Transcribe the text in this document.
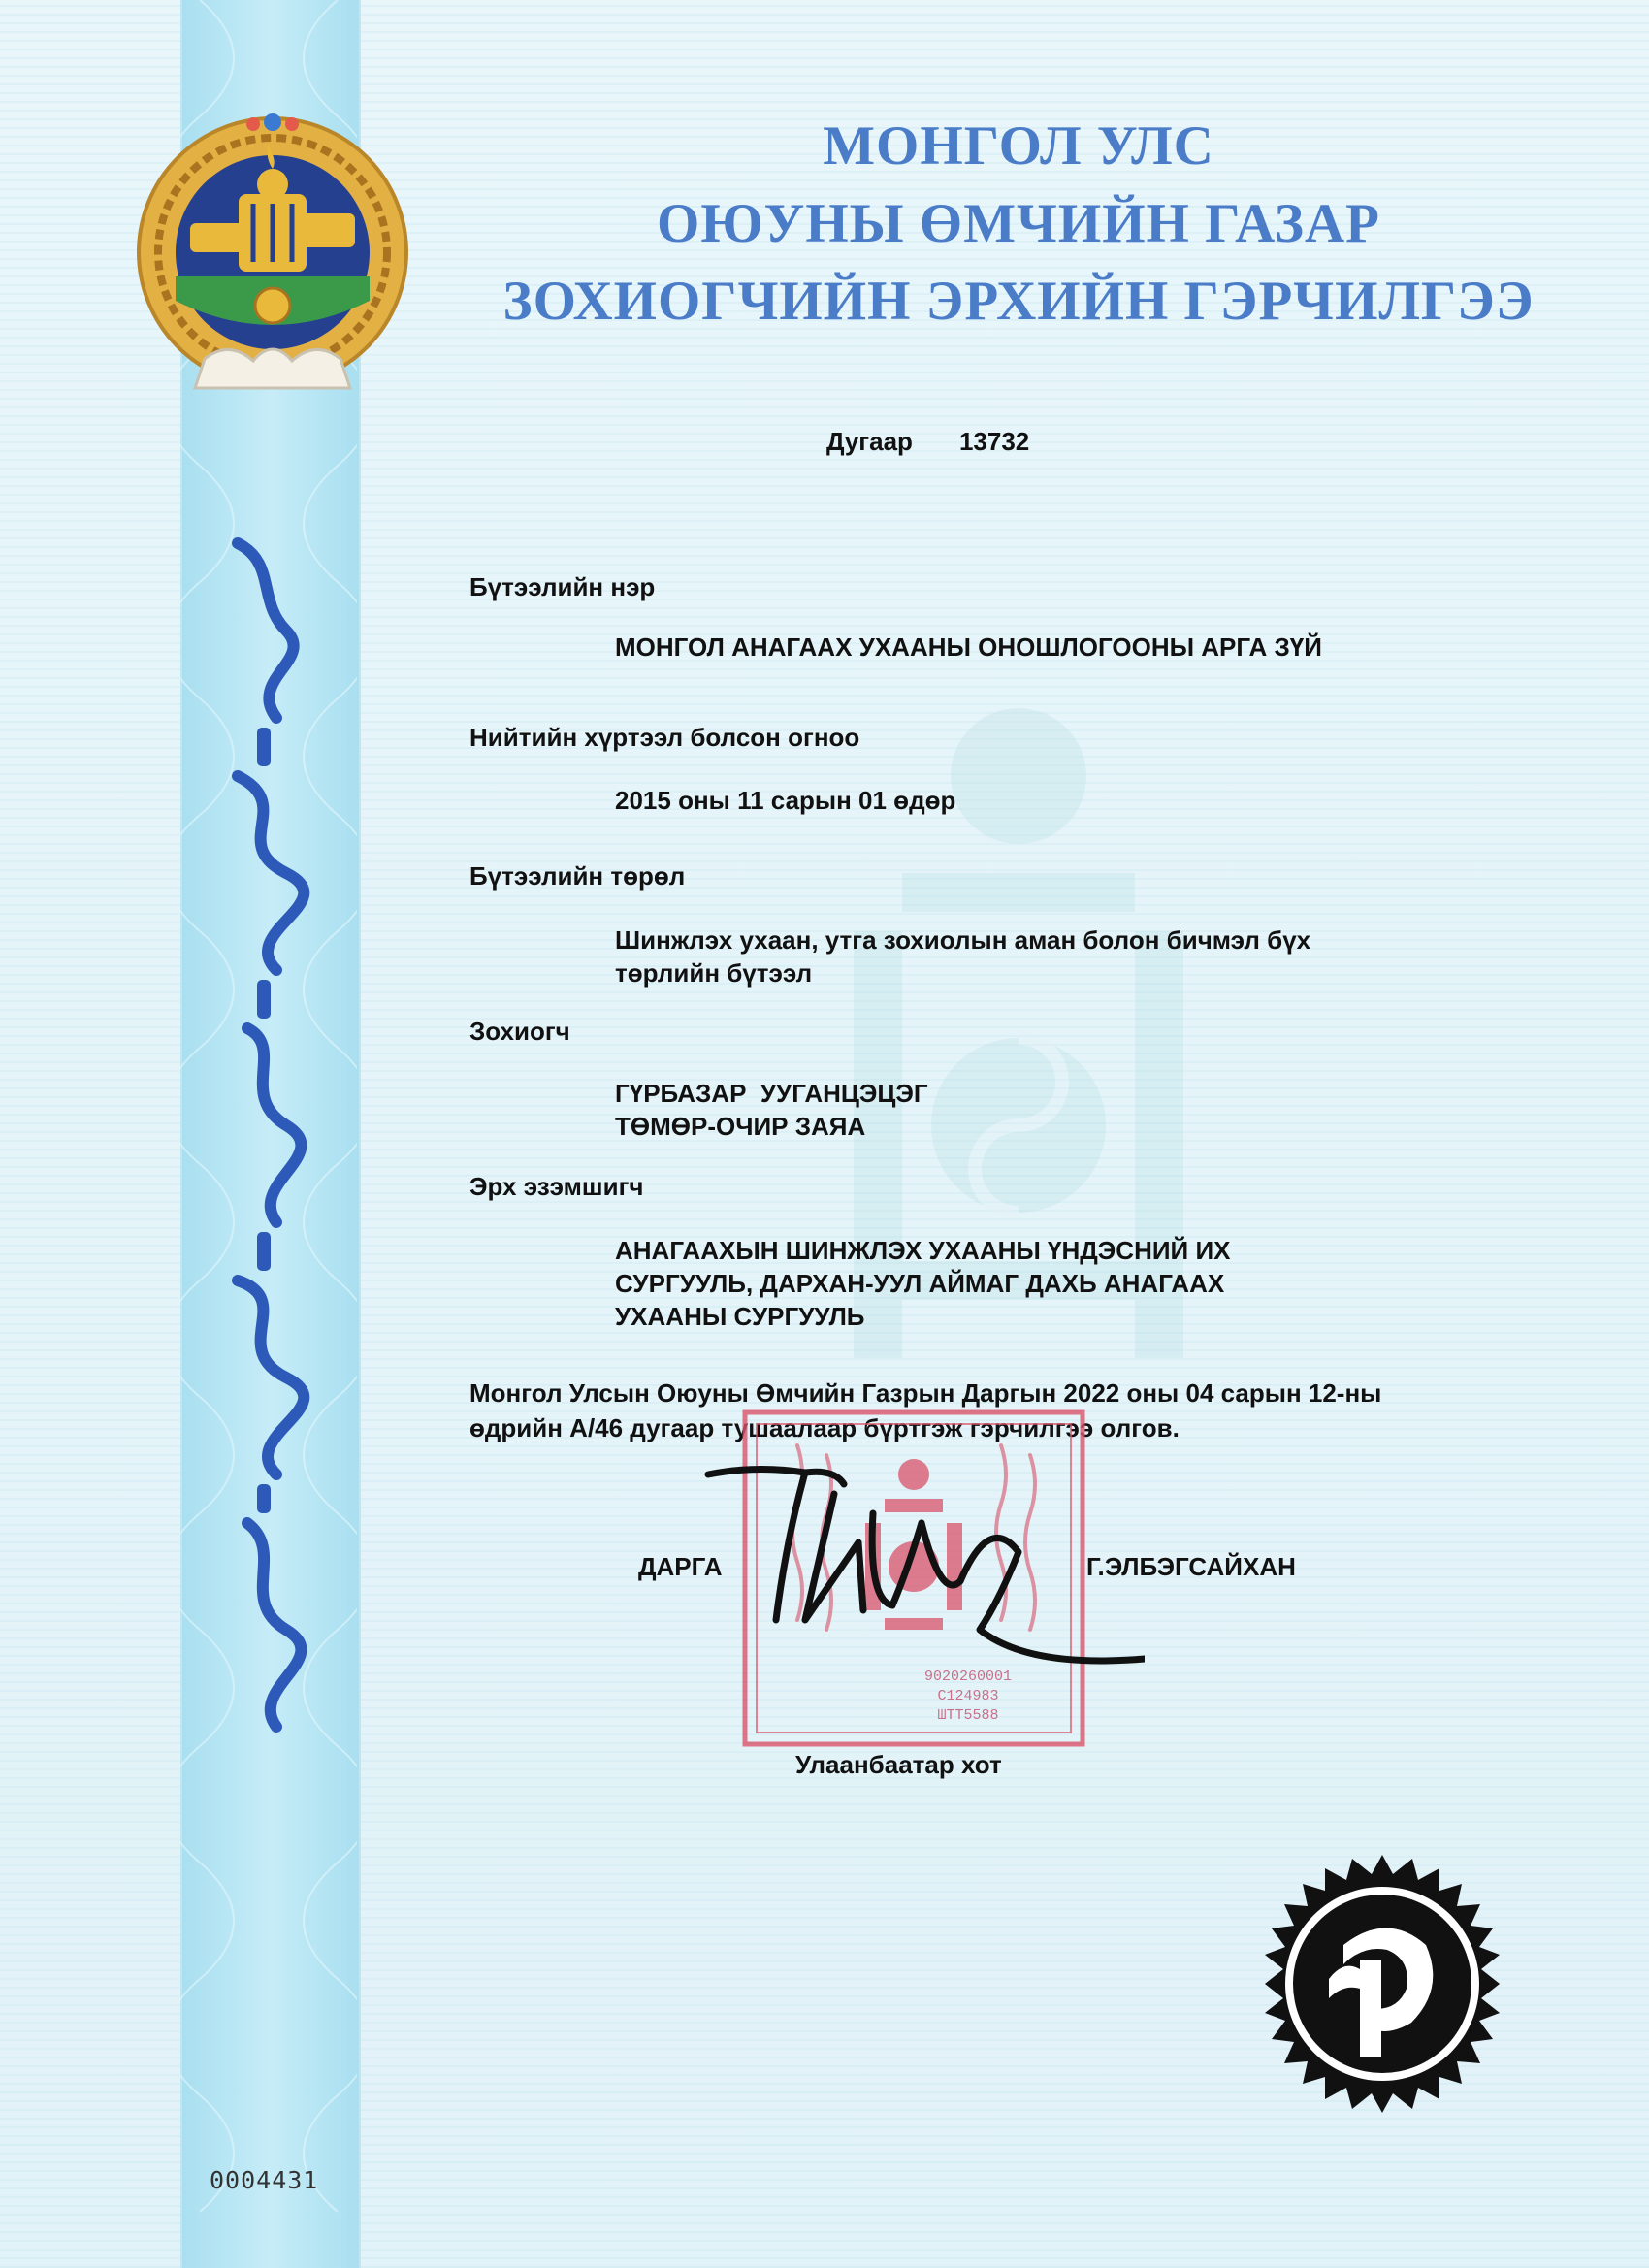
МОНГОЛ УЛС
ОЮУНЫ ӨМЧИЙН ГАЗАР
ЗОХИОГЧИЙН ЭРХИЙН ГЭРЧИЛГЭЭ
Дугаар 13732
Бүтээлийн нэр
МОНГОЛ АНАГААХ УХААНЫ ОНОШЛОГООНЫ АРГА ЗҮЙ
Нийтийн хүртээл болсон огноо
2015 оны 11 сарын 01 өдөр
Бүтээлийн төрөл
Шинжлэх ухаан, утга зохиолын аман болон бичмэл бүх
төрлийн бүтээл
Зохиогч
ГҮРБАЗАР  УУГАНЦЭЦЭГ
ТӨМӨР-ОЧИР ЗАЯА
Эрх эзэмшигч
АНАГААХЫН ШИНЖЛЭХ УХААНЫ ҮНДЭСНИЙ ИХ
СУРГУУЛЬ, ДАРХАН-УУЛ АЙМАГ ДАХЬ АНАГААХ
УХААНЫ СУРГУУЛЬ
Монгол Улсын Оюуны Өмчийн Газрын Даргын 2022 оны 04 сарын 12-ны
өдрийн А/46 дугаар тушаалаар бүртгэж гэрчилгээ олгов.
9020260001
C124983
ШТТ5588
ДАРГА	Г.ЭЛБЭГСАЙХАН
Улаанбаатар хот
0004431
